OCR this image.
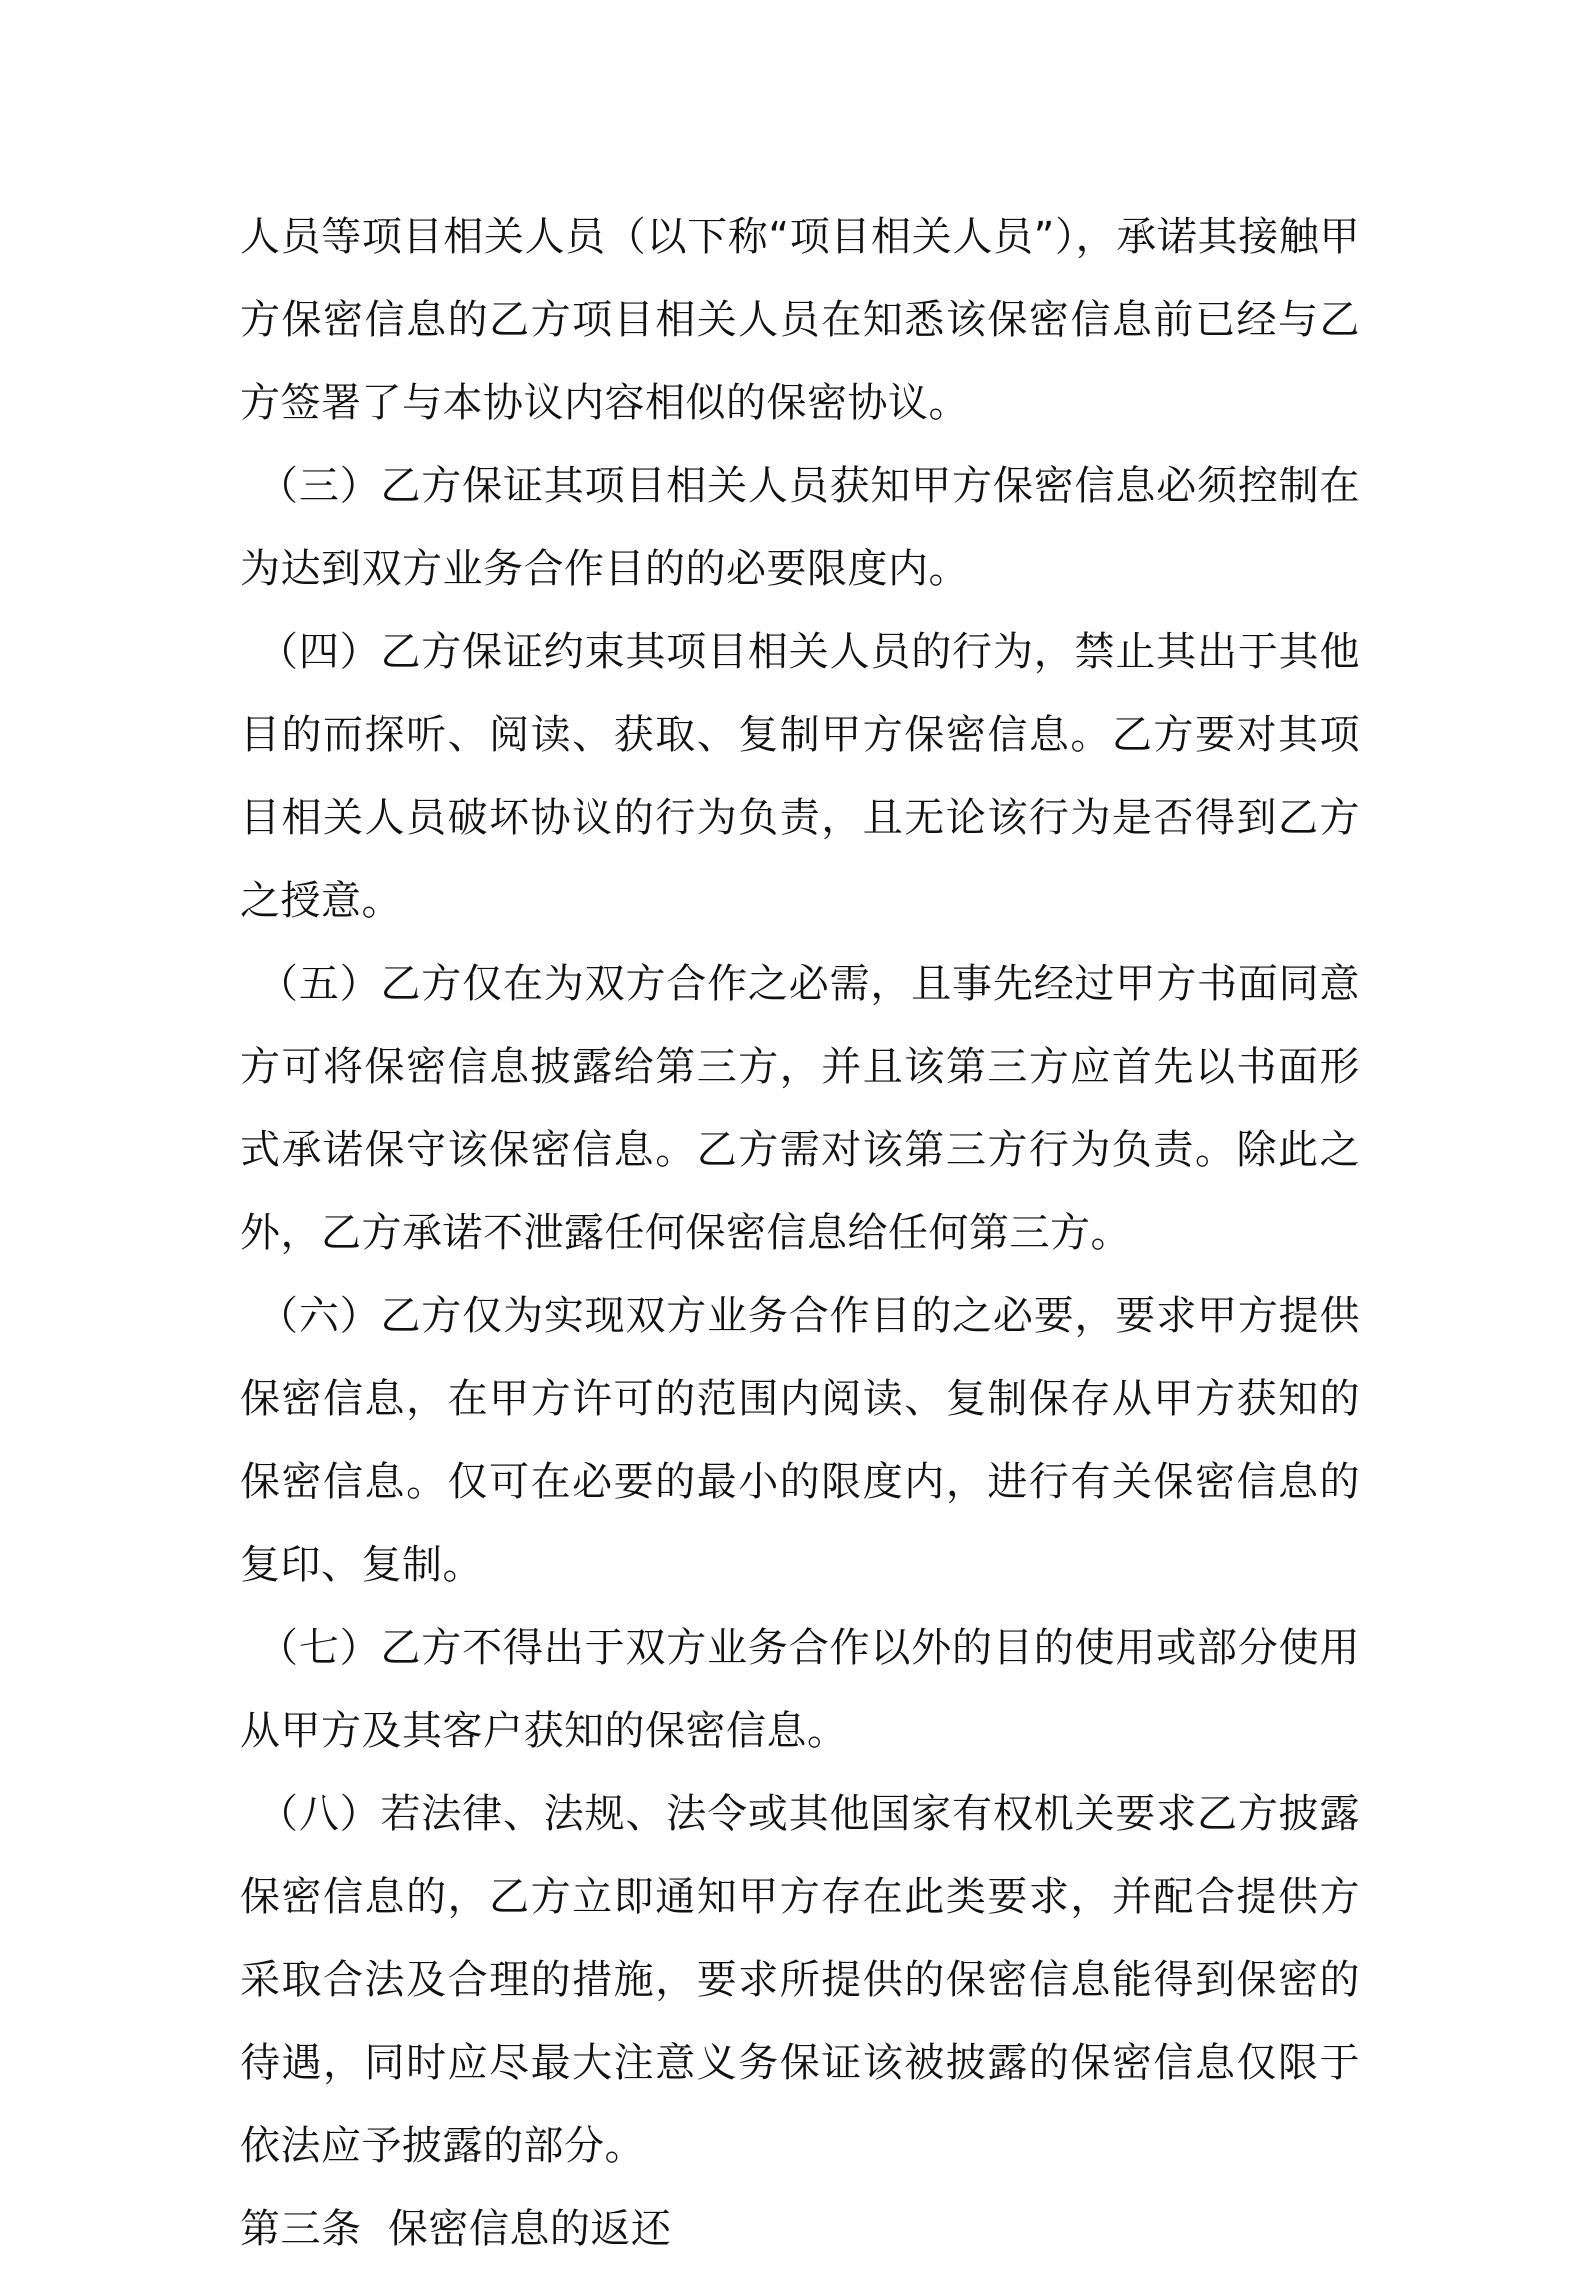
人员等项目相关人员（以下称“项目相关人员”），承诺其接触甲方保密信息的乙方项目相关人员在知悉该保密信息前已经与乙方签署了与本协议内容相似的保密协议。

（三）乙方保证其项目相关人员获知甲方保密信息必须控制在为达到双方业务合作目的的必要限度内。

（四）乙方保证约束其项目相关人员的行为，禁止其出于其他目的而探听、阅读、获取、复制甲方保密信息。乙方要对其项目相关人员破坏协议的行为负责，且无论该行为是否得到乙方之授意。

（五）乙方仅在为双方合作之必需，且事先经过甲方书面同意方可将保密信息披露给第三方，并且该第三方应首先以书面形式承诺保守该保密信息。乙方需对该第三方行为负责。除此之外，乙方承诺不泄露任何保密信息给任何第三方。

（六）乙方仅为实现双方业务合作目的之必要，要求甲方提供保密信息，在甲方许可的范围内阅读、复制保存从甲方获知的保密信息。仅可在必要的最小的限度内，进行有关保密信息的复印、复制。

（七）乙方不得出于双方业务合作以外的目的使用或部分使用从甲方及其客户获知的保密信息。

（八）若法律、法规、法令或其他国家有权机关要求乙方披露保密信息的，乙方立即通知甲方存在此类要求，并配合提供方采取合法及合理的措施，要求所提供的保密信息能得到保密的待遇，同时应尽最大注意义务保证该被披露的保密信息仅限于依法应予披露的部分。

第三条  保密信息的返还
